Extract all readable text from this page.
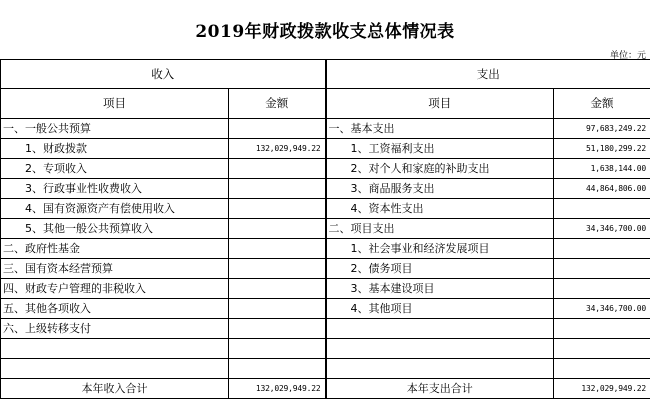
2019年财政拨款收支总体情况表
单位：元
收入		支出	
项目	金额	项目	金额
一、一般公共预算		一、基本支出	97,683,249.22
1、财政拨款	132,029,949.22	1、工资福利支出	51,180,299.22
2、专项收入		2、对个人和家庭的补助支出	1,638,144.00
3、行政事业性收费收入		3、商品服务支出	44,864,806.00
4、国有资源资产有偿使用收入		4、资本性支出	
5、其他一般公共预算收入		二、项目支出	34,346,700.00
二、政府性基金		1、社会事业和经济发展项目	
三、国有资本经营预算		2、债务项目	
四、财政专户管理的非税收入		3、基本建设项目	
五、其他各项收入		4、其他项目	34,346,700.00
六、上级转移支付			

本年收入合计	132,029,949.22	本年支出合计	132,029,949.22
